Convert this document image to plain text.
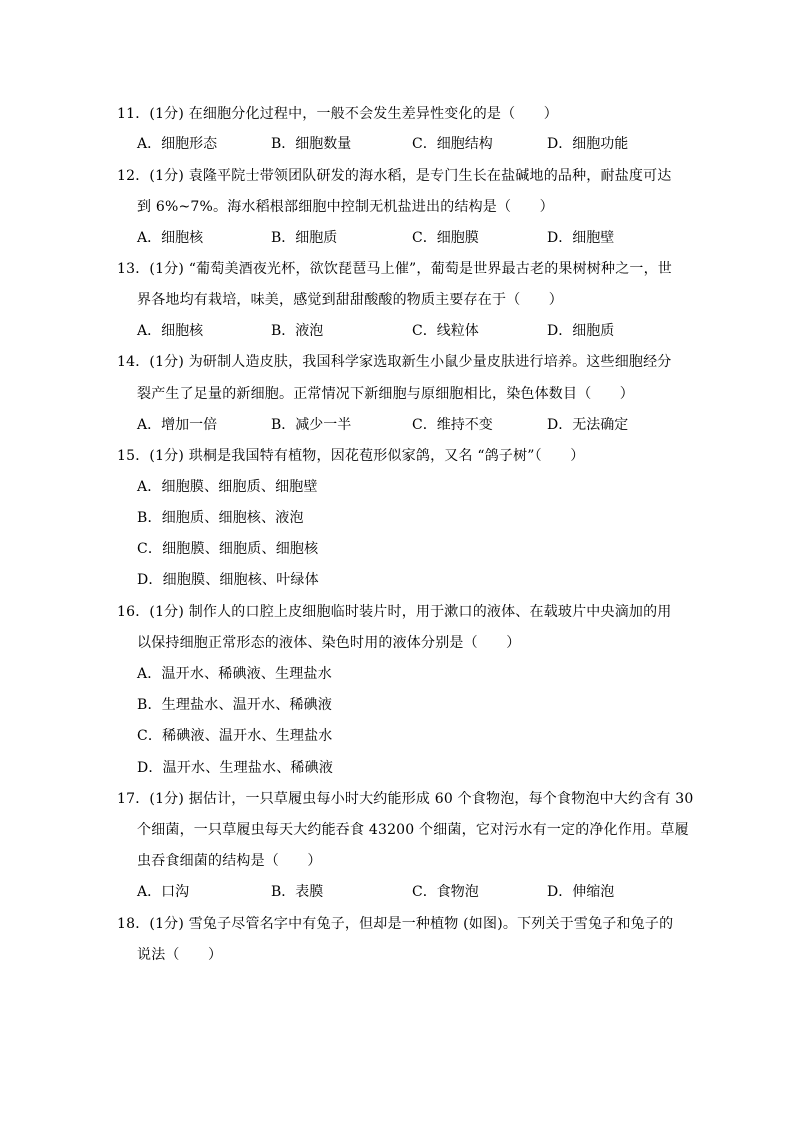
11．(1分) 在细胞分化过程中，一般不会发生差异性变化的是（　　）
A．细胞形态	B．细胞数量	C．细胞结构	D．细胞功能
12．(1分) 袁隆平院士带领团队研发的海水稻，是专门生长在盐碱地的品种，耐盐度可达
到 6%~7%。海水稻根部细胞中控制无机盐进出的结构是（　　）
A．细胞核	B．细胞质	C．细胞膜	D．细胞壁
13．(1分) “葡萄美酒夜光杯，欲饮琵琶马上催”，葡萄是世界最古老的果树树种之一，世
界各地均有栽培，味美，感觉到甜甜酸酸的物质主要存在于（　　）
A．细胞核	B．液泡	C．线粒体	D．细胞质
14．(1分) 为研制人造皮肤，我国科学家选取新生小鼠少量皮肤进行培养。这些细胞经分
裂产生了足量的新细胞。正常情况下新细胞与原细胞相比，染色体数目（　　）
A．增加一倍	B．减少一半	C．维持不变	D．无法确定
15．(1分) 珙桐是我国特有植物，因花苞形似家鸽，又名 “鸽子树”（　　）
A．细胞膜、细胞质、细胞壁
B．细胞质、细胞核、液泡
C．细胞膜、细胞质、细胞核
D．细胞膜、细胞核、叶绿体
16．(1分) 制作人的口腔上皮细胞临时装片时，用于漱口的液体、在载玻片中央滴加的用
以保持细胞正常形态的液体、染色时用的液体分别是（　　）
A．温开水、稀碘液、生理盐水
B．生理盐水、温开水、稀碘液
C．稀碘液、温开水、生理盐水
D．温开水、生理盐水、稀碘液
17．(1分) 据估计，一只草履虫每小时大约能形成 60 个食物泡，每个食物泡中大约含有 30
个细菌，一只草履虫每天大约能吞食 43200 个细菌，它对污水有一定的净化作用。草履
虫吞食细菌的结构是（　　）
A．口沟	B．表膜	C．食物泡	D．伸缩泡
18．(1分) 雪兔子尽管名字中有兔子，但却是一种植物 (如图)。下列关于雪兔子和兔子的
说法（　　）
